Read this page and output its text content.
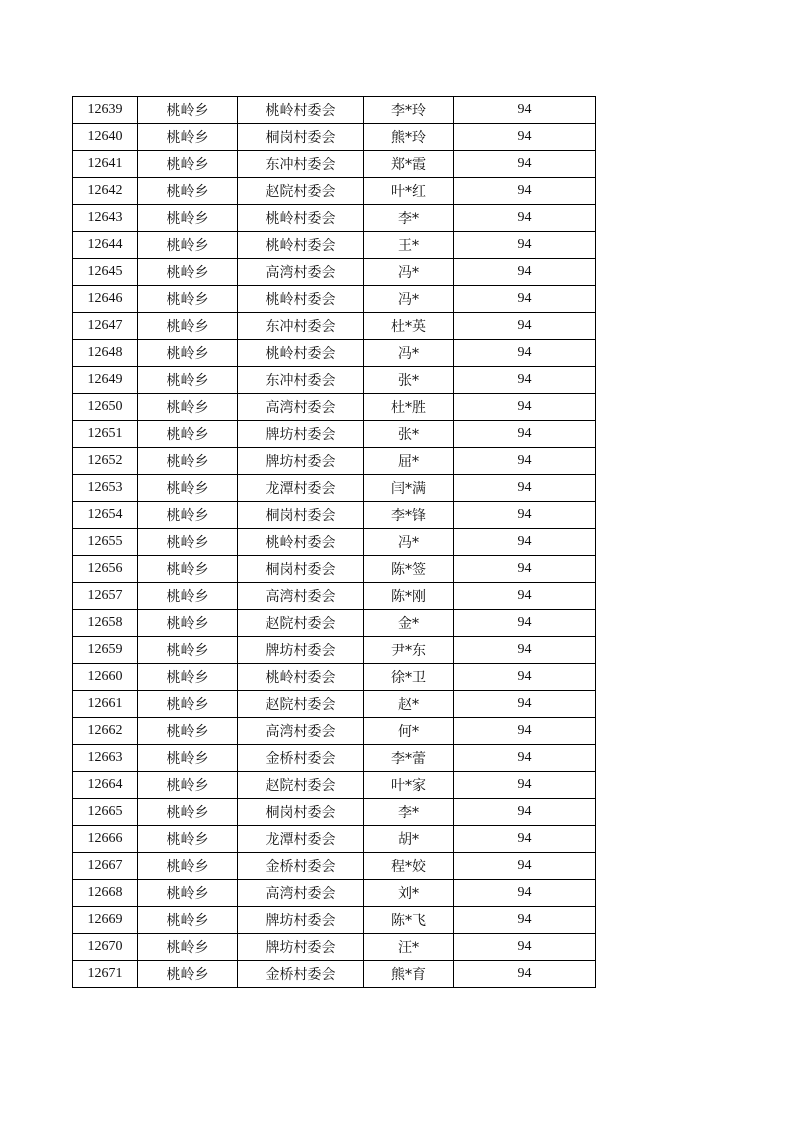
12639	桃岭乡	桃岭村委会	李*玲	94
12640	桃岭乡	桐岗村委会	熊*玲	94
12641	桃岭乡	东冲村委会	郑*霞	94
12642	桃岭乡	赵院村委会	叶*红	94
12643	桃岭乡	桃岭村委会	李*	94
12644	桃岭乡	桃岭村委会	王*	94
12645	桃岭乡	高湾村委会	冯*	94
12646	桃岭乡	桃岭村委会	冯*	94
12647	桃岭乡	东冲村委会	杜*英	94
12648	桃岭乡	桃岭村委会	冯*	94
12649	桃岭乡	东冲村委会	张*	94
12650	桃岭乡	高湾村委会	杜*胜	94
12651	桃岭乡	牌坊村委会	张*	94
12652	桃岭乡	牌坊村委会	屈*	94
12653	桃岭乡	龙潭村委会	闫*满	94
12654	桃岭乡	桐岗村委会	李*锋	94
12655	桃岭乡	桃岭村委会	冯*	94
12656	桃岭乡	桐岗村委会	陈*签	94
12657	桃岭乡	高湾村委会	陈*刚	94
12658	桃岭乡	赵院村委会	金*	94
12659	桃岭乡	牌坊村委会	尹*东	94
12660	桃岭乡	桃岭村委会	徐*卫	94
12661	桃岭乡	赵院村委会	赵*	94
12662	桃岭乡	高湾村委会	何*	94
12663	桃岭乡	金桥村委会	李*蕾	94
12664	桃岭乡	赵院村委会	叶*家	94
12665	桃岭乡	桐岗村委会	李*	94
12666	桃岭乡	龙潭村委会	胡*	94
12667	桃岭乡	金桥村委会	程*姣	94
12668	桃岭乡	高湾村委会	刘*	94
12669	桃岭乡	牌坊村委会	陈*飞	94
12670	桃岭乡	牌坊村委会	汪*	94
12671	桃岭乡	金桥村委会	熊*育	94
